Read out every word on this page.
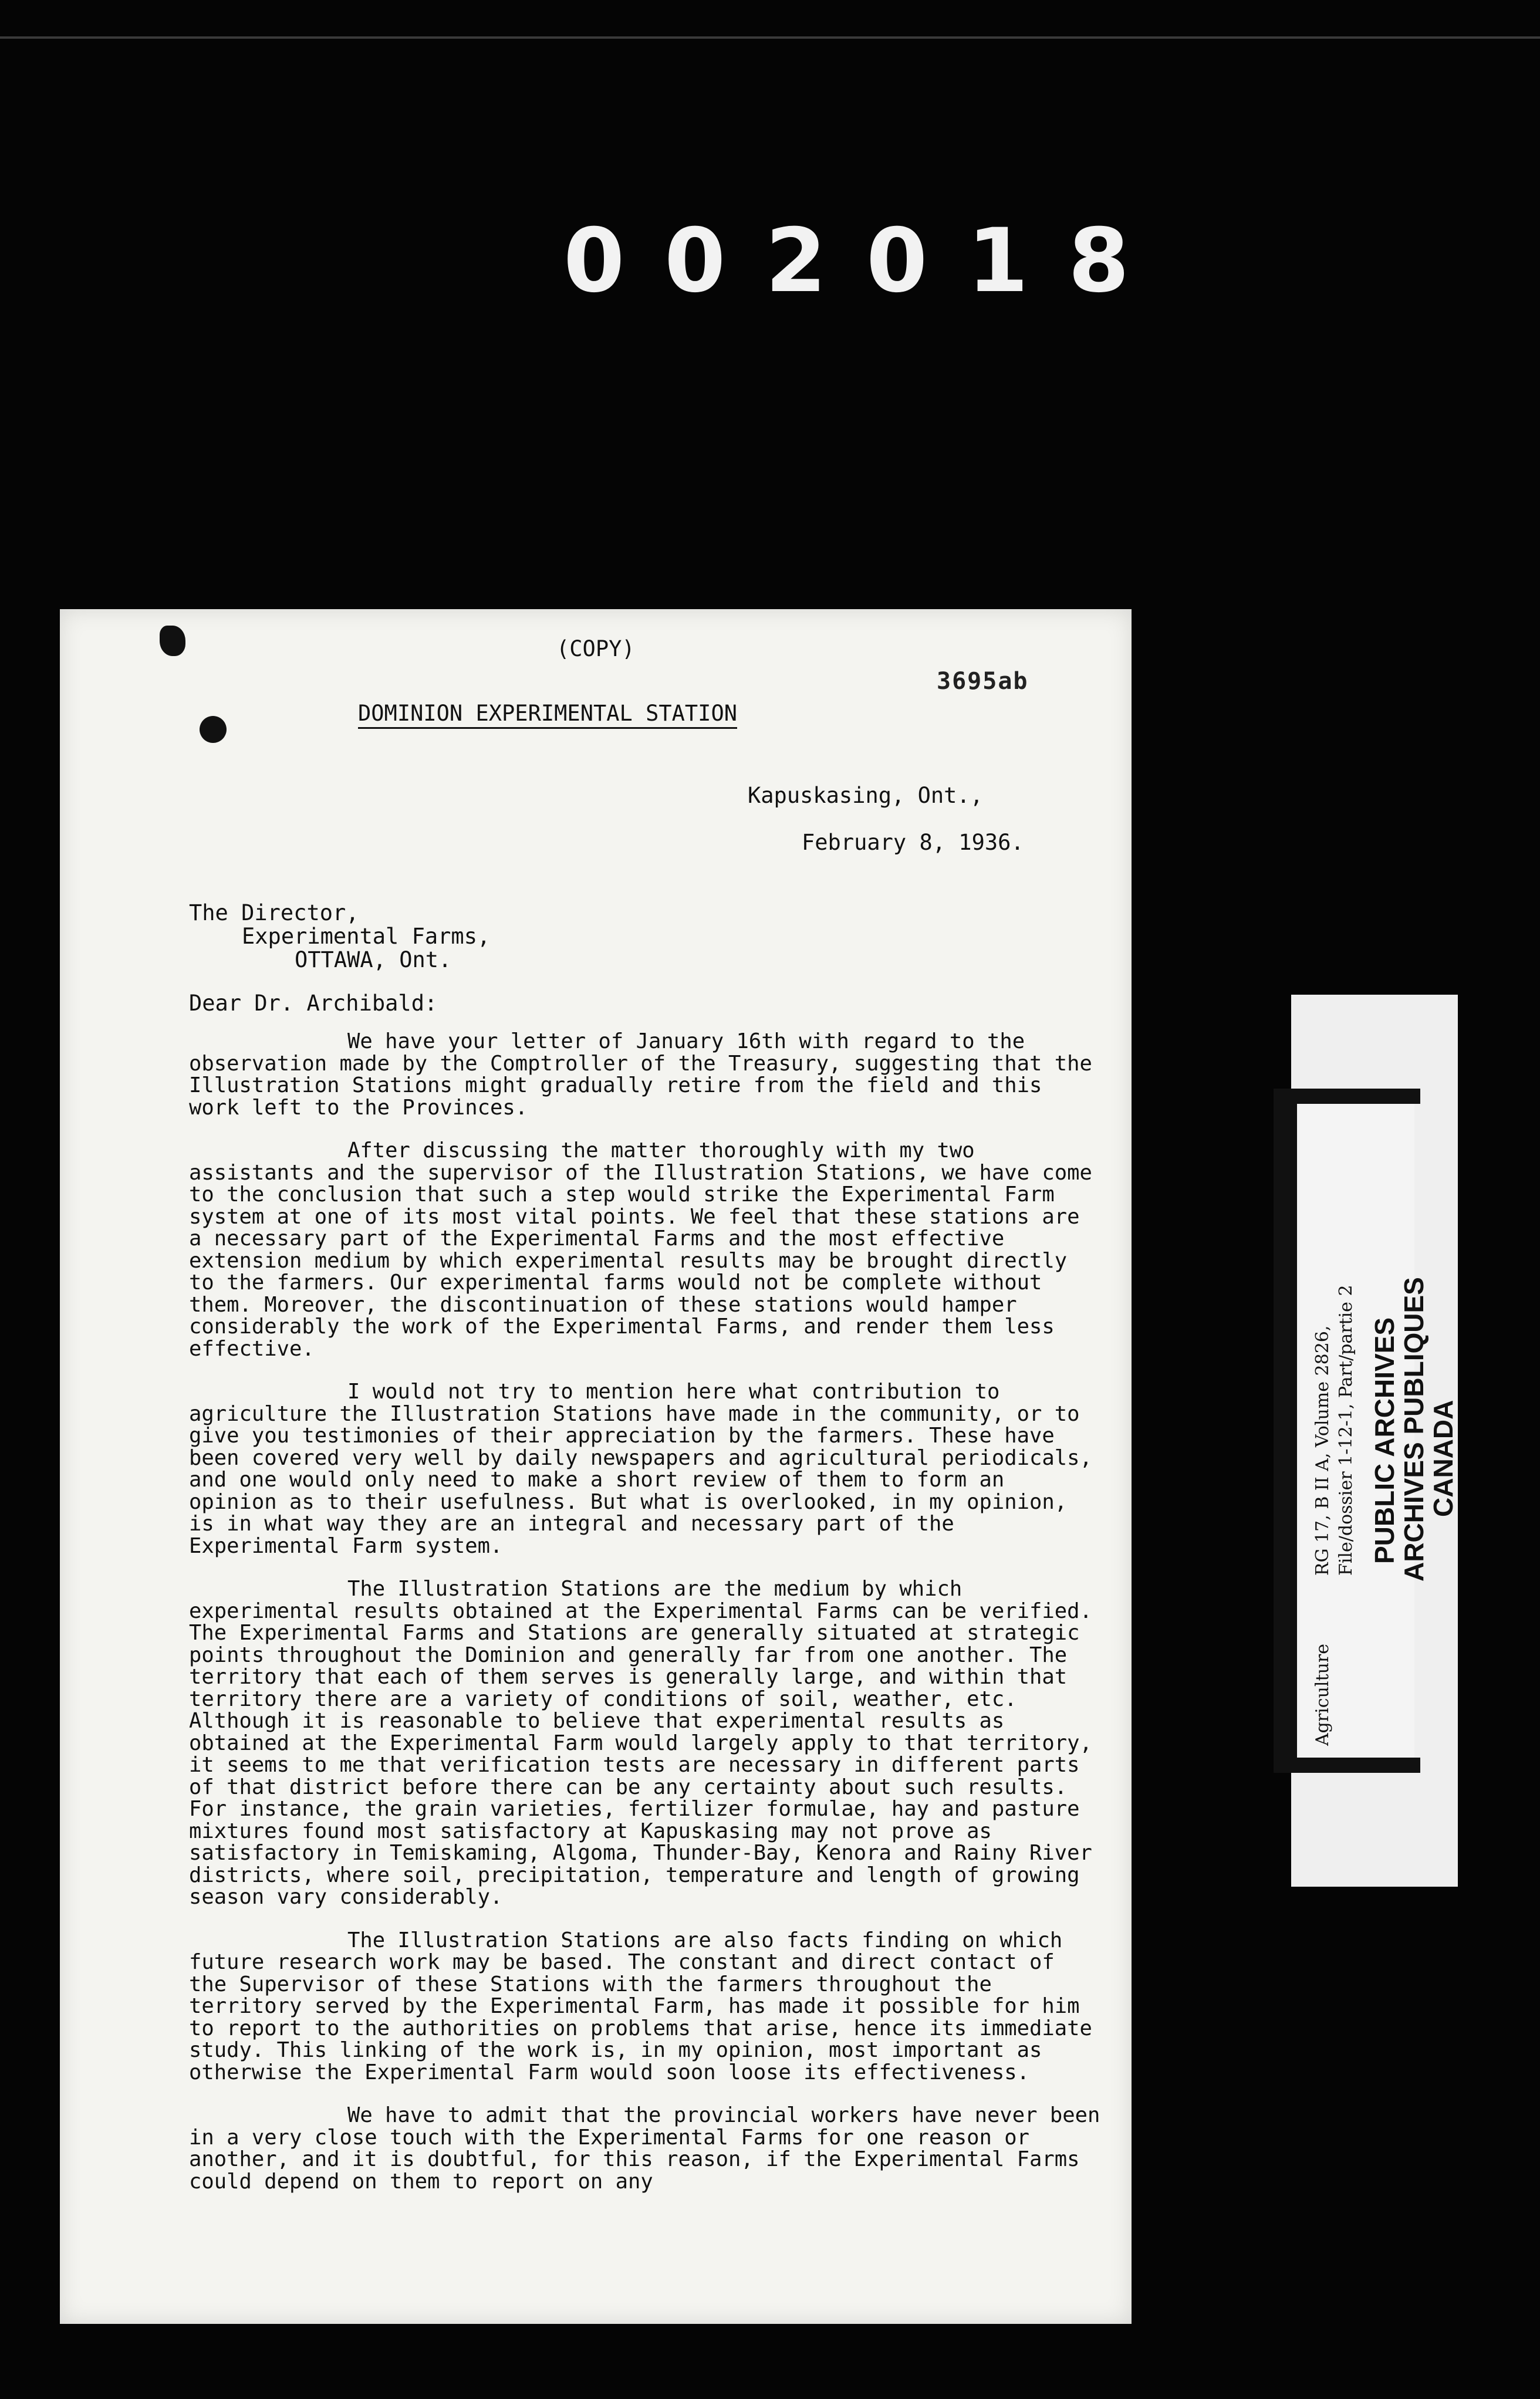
0 0 2 0 1 8
(COPY)
3695ab
DOMINION EXPERIMENTAL STATION
Kapuskasing, Ont.,
February 8, 1936.
The Director,
Experimental Farms,
OTTAWA, Ont.
Dear Dr. Archibald:

We have your letter of January 16th with regard to the observation made by the Comptroller of the Treasury, suggesting that the Illustration Stations might gradually retire from the field and this work left to the Provinces.

After discussing the matter thoroughly with my two assistants and the supervisor of the Illustration Stations, we have come to the conclusion that such a step would strike the Experimental Farm system at one of its most vital points. We feel that these stations are a necessary part of the Experimental Farms and the most effective extension medium by which experimental results may be brought directly to the farmers. Our experimental farms would not be complete without them. Moreover, the discontinuation of these stations would hamper considerably the work of the Experimental Farms, and render them less effective.

I would not try to mention here what contribution to agriculture the Illustration Stations have made in the community, or to give you testimonies of their appreciation by the farmers. These have been covered very well by daily newspapers and agricultural periodicals, and one would only need to make a short review of them to form an opinion as to their usefulness. But what is overlooked, in my opinion, is in what way they are an integral and necessary part of the Experimental Farm system.

The Illustration Stations are the medium by which experimental results obtained at the Experimental Farms can be verified. The Experimental Farms and Stations are generally situated at strategic points throughout the Dominion and generally far from one another. The territory that each of them serves is generally large, and within that territory there are a variety of conditions of soil, weather, etc. Although it is reasonable to believe that experimental results as obtained at the Experimental Farm would largely apply to that territory, it seems to me that verification tests are necessary in different parts of that district before there can be any certainty about such results. For instance, the grain varieties, fertilizer formulae, hay and pasture mixtures found most satisfactory at Kapuskasing may not prove as satisfactory in Temiskaming, Algoma, Thunder-Bay, Kenora and Rainy River districts, where soil, precipitation, temperature and length of growing season vary considerably.

The Illustration Stations are also facts finding on which future research work may be based. The constant and direct contact of the Supervisor of these Stations with the farmers throughout the territory served by the Experimental Farm, has made it possible for him to report to the authorities on problems that arise, hence its immediate study. This linking of the work is, in my opinion, most important as otherwise the Experimental Farm would soon loose its effectiveness.

We have to admit that the provincial workers have never been in a very close touch with the Experimental Farms for one reason or another, and it is doubtful, for this reason, if the Experimental Farms could depend on them to report on any

Agriculture
RG 17, B II A, Volume 2826, File/dossier 1-12-1, Part/partie 2 PUBLIC ARCHIVES
ARCHIVES PUBLIQUES
CANADA
